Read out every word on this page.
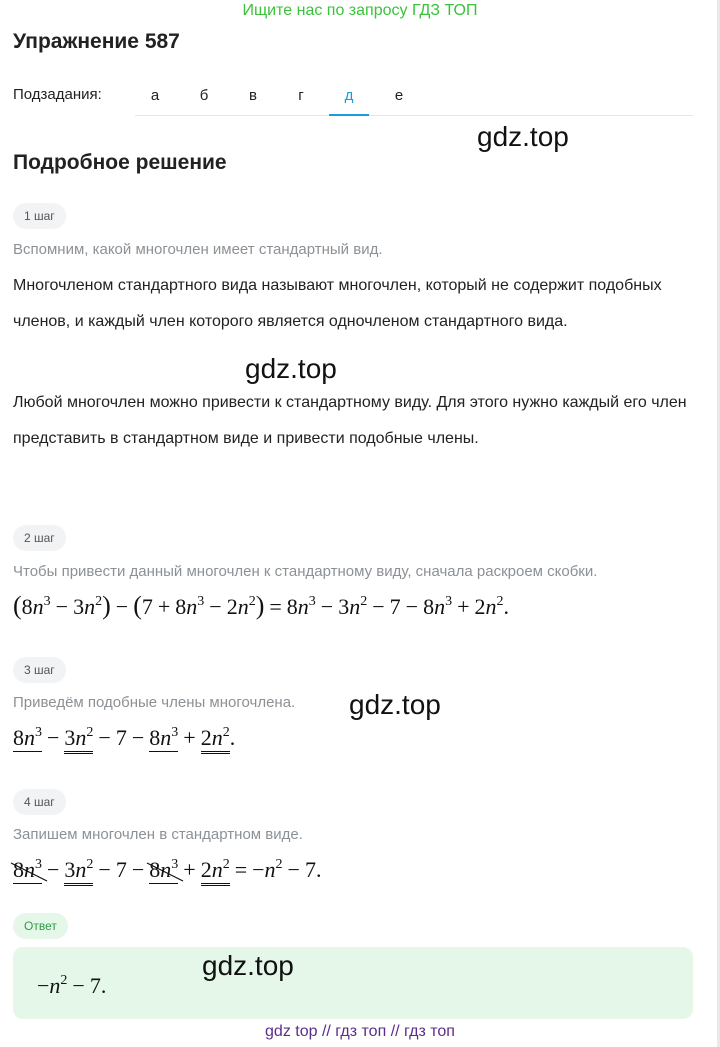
Ищите нас по запросу ГДЗ ТОП
Упражнение 587
Подзадания:	а	б	в	г	д	е
gdz.top
Подробное решение
1 шаг
Вспомним, какой многочлен имеет стандартный вид.
Многочленом стандартного вида называют многочлен, который не содержит подобных членов, и каждый член которого является одночленом стандартного вида.
gdz.top
Любой многочлен можно привести к стандартному виду. Для этого нужно каждый его член представить в стандартном виде и привести подобные члены.
2 шаг
Чтобы привести данный многочлен к стандартному виду, сначала раскроем скобки.
$(8n^3 - 3n^2) - (7 + 8n^3 - 2n^2) = 8n^3 - 3n^2 - 7 - 8n^3 + 2n^2$.
3 шаг
Приведём подобные члены многочлена. gdz.top
$8n^3 - 3n^2 - 7 - 8n^3 + 2n^2$.
4 шаг
Запишем многочлен в стандартном виде.
$8n^3 - 3n^2 - 7 - 8n^3 + 2n^2 = -n^2 - 7$.
Ответ
$-n^2 - 7$.
gdz.top
gdz top // гдз топ // гдз топ
